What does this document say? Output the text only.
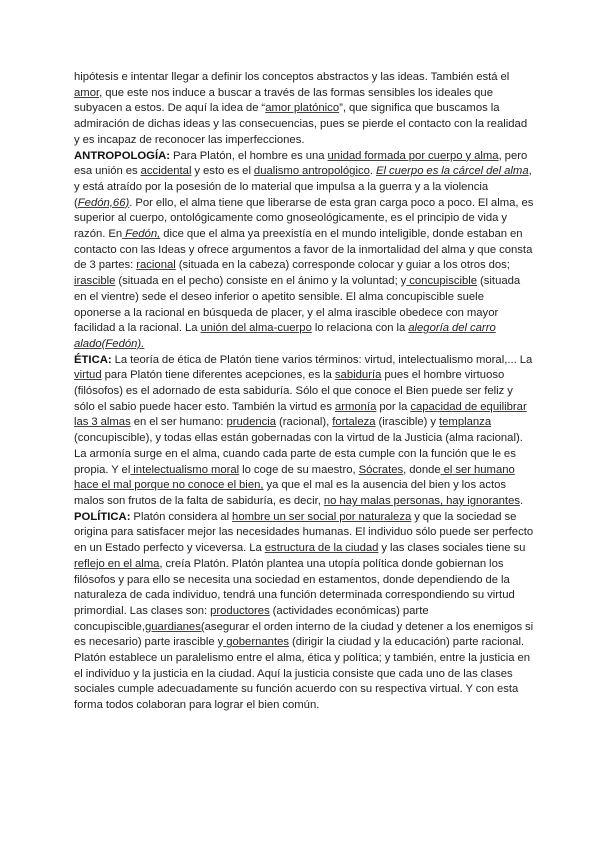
hipótesis e intentar llegar a definir los conceptos abstractos y las ideas. También está el amor, que este nos induce a buscar a través de las formas sensibles los ideales que subyacen a estos. De aquí la idea de “amor platónico”, que significa que buscamos la admiración de dichas ideas y las consecuencias, pues se pierde el contacto con la realidad y es incapaz de reconocer las imperfecciones.

ANTROPOLOGÍA: Para Platón, el hombre es una unidad formada por cuerpo y alma, pero esa unión es accidental y esto es el dualismo antropológico. El cuerpo es la cárcel del alma, y está atraído por la posesión de lo material que impulsa a la guerra y a la violencia (Fedón,66). Por ello, el alma tiene que liberarse de esta gran carga poco a poco. El alma, es superior al cuerpo, ontológicamente como gnoseológicamente, es el principio de vida y razón. En Fedón, dice que el alma ya preexistía en el mundo inteligible, donde estaban en contacto con las Ideas y ofrece argumentos a favor de la inmortalidad del alma y que consta de 3 partes: racional (situada en la cabeza) corresponde colocar y guiar a los otros dos; irascible (situada en el pecho) consiste en el ánimo y la voluntad; y concupiscible (situada en el vientre) sede el deseo inferior o apetito sensible. El alma concupiscible suele oponerse a la racional en búsqueda de placer, y el alma irascible obedece con mayor facilidad a la racional. La unión del alma-cuerpo lo relaciona con la alegoría del carro alado(Fedón).

ÉTICA: La teoría de ética de Platón tiene varios términos: virtud, intelectualismo moral,... La virtud para Platón tiene diferentes acepciones, es la sabiduría pues el hombre virtuoso (filósofos) es el adornado de esta sabiduría. Sólo el que conoce el Bien puede ser feliz y sólo el sabio puede hacer esto. También la virtud es armonía por la capacidad de equilibrar las 3 almas en el ser humano: prudencia (racional), fortaleza (irascible) y templanza (concupiscible), y todas ellas están gobernadas con la virtud de la Justicia (alma racional). La armonía surge en el alma, cuando cada parte de esta cumple con la función que le es propia. Y el intelectualismo moral lo coge de su maestro, Sócrates, donde el ser humano hace el mal porque no conoce el bien, ya que el mal es la ausencia del bien y los actos malos son frutos de la falta de sabiduría, es decir, no hay malas personas, hay ignorantes.

POLÍTICA: Platón considera al hombre un ser social por naturaleza y que la sociedad se origina para satisfacer mejor las necesidades humanas. El individuo sólo puede ser perfecto en un Estado perfecto y viceversa. La estructura de la ciudad y las clases sociales tiene su reflejo en el alma, creía Platón. Platón plantea una utopía política donde gobiernan los filósofos y para ello se necesita una sociedad en estamentos, donde dependiendo de la naturaleza de cada individuo, tendrá una función determinada correspondiendo su virtud primordial. Las clases son: productores (actividades económicas) parte concupiscible,guardianes(asegurar el orden interno de la ciudad y detener a los enemigos si es necesario) parte irascible y gobernantes (dirigir la ciudad y la educación) parte racional. Platón establece un paralelismo entre el alma, ética y política; y también, entre la justicia en el individuo y la justicia en la ciudad. Aquí la justicia consiste que cada uno de las clases sociales cumple adecuadamente su función acuerdo con su respectiva virtual. Y con esta forma todos colaboran para lograr el bien común.
